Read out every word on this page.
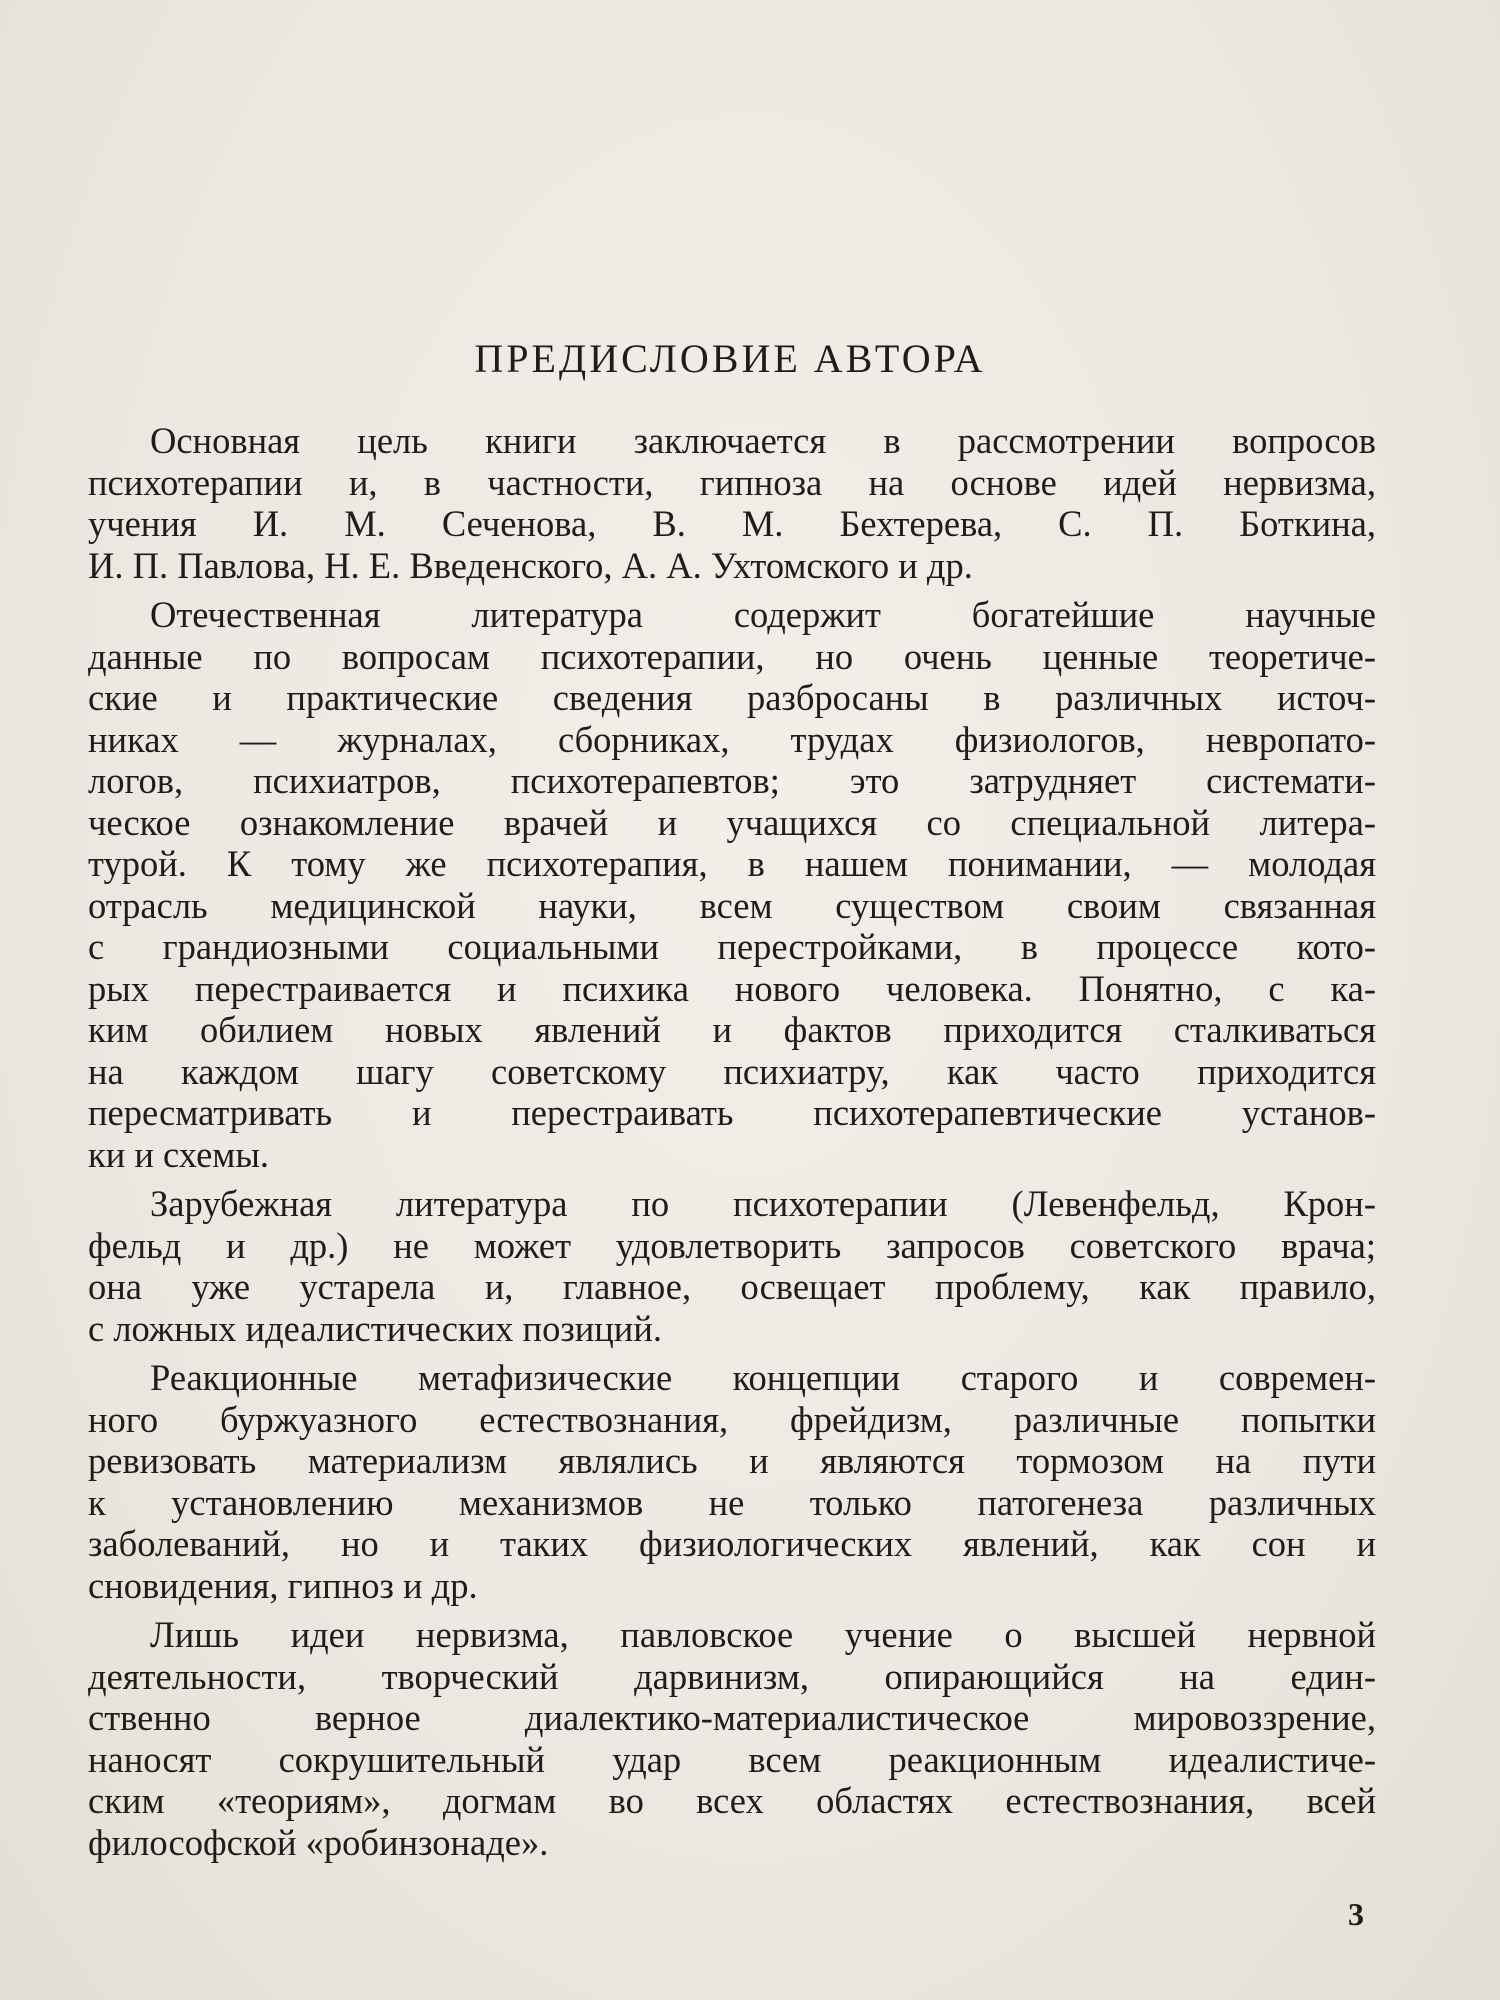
ПРЕДИСЛОВИЕ АВТОРА
Основная цель книги заключается в рассмотрении вопросов
психотерапии и, в частности, гипноза на основе идей нервизма,
учения И. М. Сеченова, В. М. Бехтерева, С. П. Боткина,
И. П. Павлова, Н. Е. Введенского, А. А. Ухтомского и др.
Отечественная литература содержит богатейшие научные
данные по вопросам психотерапии, но очень ценные теоретиче-
ские и практические сведения разбросаны в различных источ-
никах — журналах, сборниках, трудах физиологов, невропато-
логов, психиатров, психотерапевтов; это затрудняет системати-
ческое ознакомление врачей и учащихся со специальной литера-
турой. К тому же психотерапия, в нашем понимании, — молодая
отрасль медицинской науки, всем существом своим связанная
с грандиозными социальными перестройками, в процессе кото-
рых перестраивается и психика нового человека. Понятно, с ка-
ким обилием новых явлений и фактов приходится сталкиваться
на каждом шагу советскому психиатру, как часто приходится
пересматривать и перестраивать психотерапевтические установ-
ки и схемы.
Зарубежная литература по психотерапии (Левенфельд, Крон-
фельд и др.) не может удовлетворить запросов советского врача;
она уже устарела и, главное, освещает проблему, как правило,
с ложных идеалистических позиций.
Реакционные метафизические концепции старого и современ-
ного буржуазного естествознания, фрейдизм, различные попытки
ревизовать материализм являлись и являются тормозом на пути
к установлению механизмов не только патогенеза различных
заболеваний, но и таких физиологических явлений, как сон и
сновидения, гипноз и др.
Лишь идеи нервизма, павловское учение о высшей нервной
деятельности, творческий дарвинизм, опирающийся на един-
ственно верное диалектико-материалистическое мировоззрение,
наносят сокрушительный удар всем реакционным идеалистиче-
ским «теориям», догмам во всех областях естествознания, всей
философской «робинзонаде».
3
